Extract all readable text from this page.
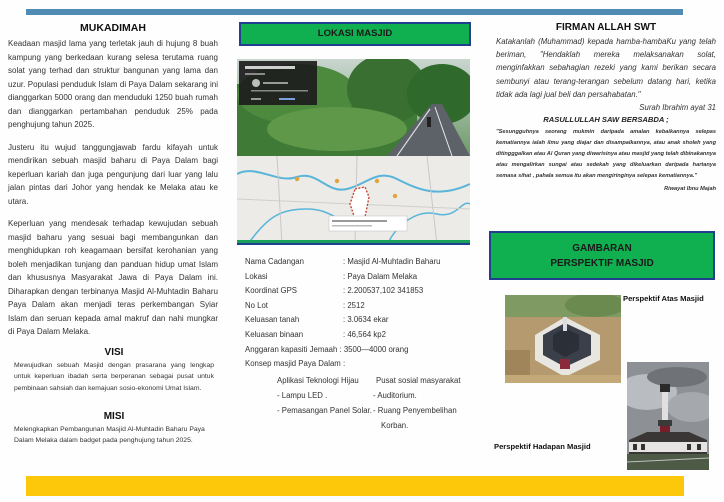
MUKADIMAH

Keadaan masjid lama yang terletak jauh di hujung 8 buah kampung yang berkedaan kurang selesa terutama ruang solat yang terhad dan struktur bangunan yang lama dan uzur. Populasi penduduk Islam di Paya Dalam sekarang ini dianggarkan 5000 orang dan menduduki 1250 buah rumah dan dianggarkan pertambahan penduduk 25% pada penghujung tahun 2025.

Justeru itu wujud tanggungjawab fardu kifayah untuk mendirikan sebuah masjid baharu di Paya Dalam bagi keperluan kariah dan juga pengunjung dari luar yang lalu jalan pintas dari Johor yang hendak ke Melaka atau ke utara.

Keperluan yang mendesak terhadap kewujudan sebuah masjid baharu yang sesuai bagi membangunkan dan menghidupkan roh keagamaan bersifat kerohanian yang boleh menjadikan tunjang dan panduan hidup umat Islam dan khususnya Masyarakat Jawa di Paya Dalam ini. Diharapkan dengan terbinanya Masjid Al-Muhtadin Baharu Paya Dalam akan menjadi teras perkembangan Syiar Islam dan seruan kepada amal makruf dan nahi mungkar di Paya Dalam Melaka.

VISI

Mewujudkan sebuah Masjid dengan prasarana yang lengkap untuk keperluan ibadah serta berperanan sebagai pusat untuk pembinaan sahsiah dan kemajuan sosio-ekonomi Umat Islam.

MISI

Melengkapkan Pembangunan Masjid Al-Muhtadin Baharu Paya Dalam Melaka dalam badget pada penghujung tahun 2025.

LOKASI MASJID
Nama Cadangan	: Masjid Al-Muhtadin Baharu
Lokasi	: Paya Dalam Melaka
Koordinat GPS	: 2.200537,102 341853
No Lot	: 2512
Keluasan tanah	: 3.0634 ekar
Keluasan binaan	: 46,564 kp2
Anggaran kapasiti Jemaah : 3500—4000 orang
Konsep masjid Paya Dalam :
Aplikasi Teknologi Hijau
- Lampu LED .
- Pemasangan Panel Solar.
Pusat sosial masyarakat
- Auditorium.
- Ruang Penyembelihan
Korban.
FIRMAN ALLAH SWT
Katakanlah (Muhammad) kepada hamba-hambaKu yang telah beriman, "Hendaklah mereka melaksanakan solat, menginfakkan sebahagian rezeki yang kami berikan secara sembunyi atau terang-terangan sebelum datang hari, ketika tidak ada lagi jual beli dan persahabatan."
Surah Ibrahim ayat 31
RASULLULLAH SAW BERSABDA ;
"Sesungguhnya seorang mukmin daripada amalan kebaikannya selepas kematiannya ialah ilmu yang diajar dan disampaikannya, atau anak sholeh yang ditingggalkan atau Al Quran yang diwarisinya atau masjid yang telah dibinakannya atau mengalirkan sungai atau sedekah yang dikeluarkan daripada hartanya semasa sihat , pahala semua itu akan mengiringinya selepas kematiannya."
Riwayat Ibnu Majah
GAMBARAN
PERSPEKTIF MASJID
Perspektif Atas Masjid
Perspektif Hadapan Masjid
